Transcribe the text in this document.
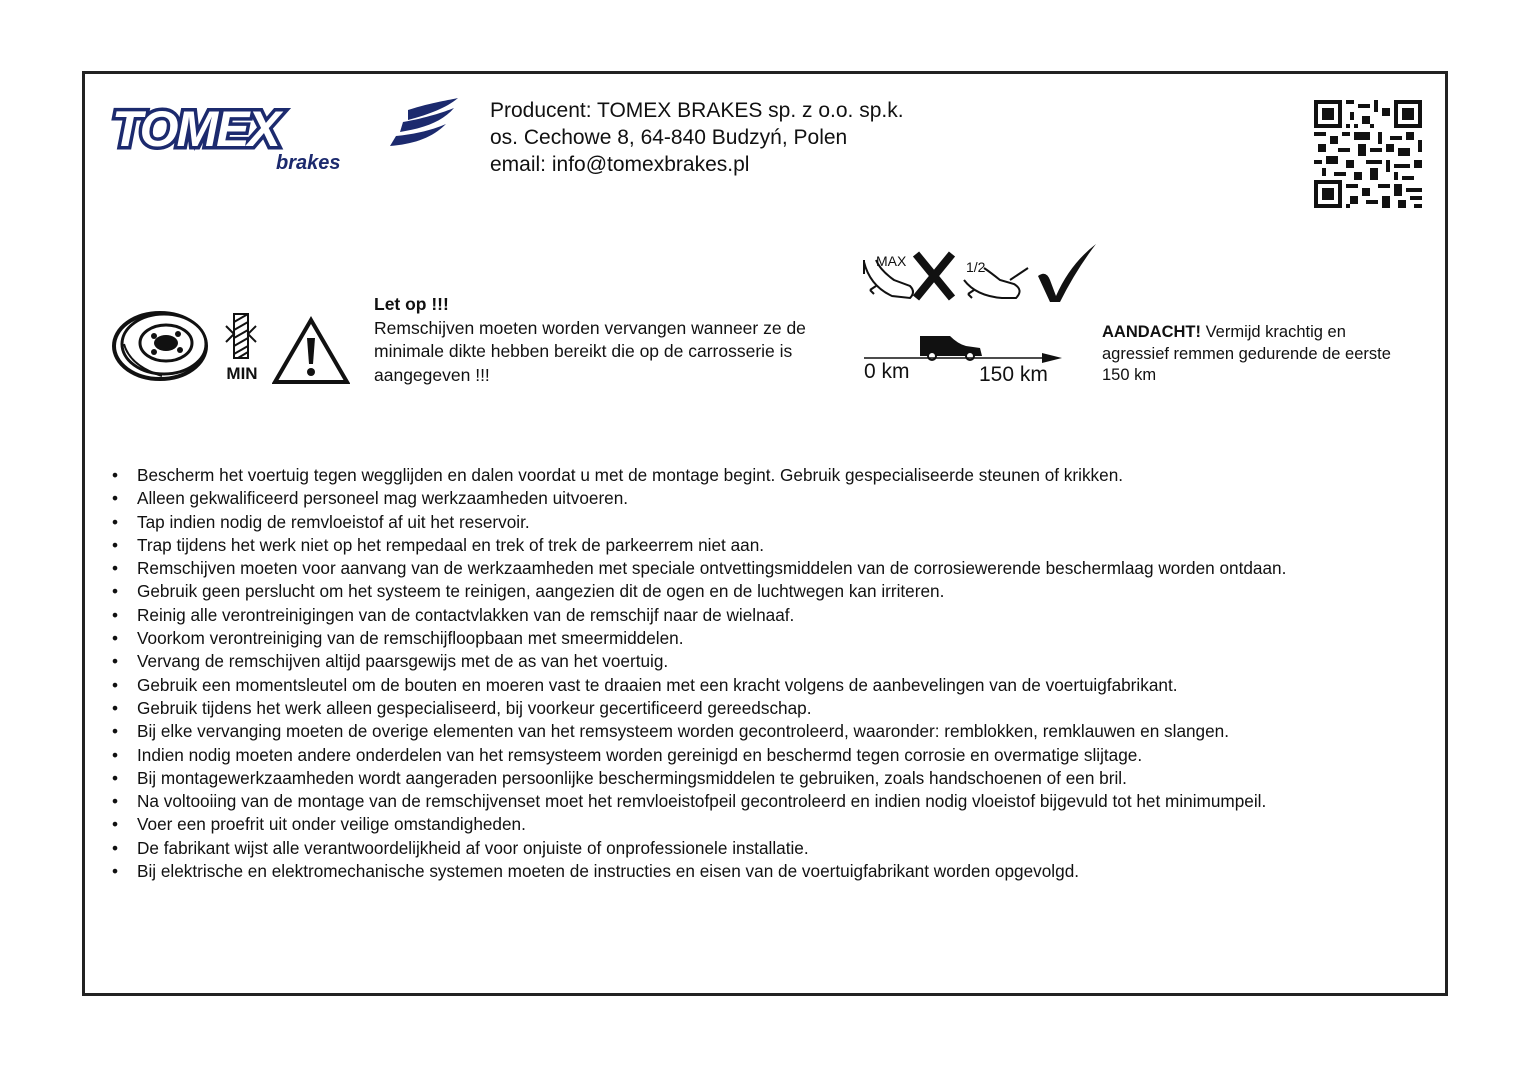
TOMEX
brakes
Producent: TOMEX BRAKES sp. z o.o. sp.k.
os. Cechowe 8, 64-840 Budzyń, Polen
email: info@tomexbrakes.pl
MIN
Let op !!!
Remschijven moeten worden vervangen wanneer ze de minimale dikte hebben bereikt die op de carrosserie is aangegeven !!!
MAX	1/2
0 km	150 km
AANDACHT! Vermijd krachtig en agressief remmen gedurende de eerste 150 km
• Bescherm het voertuig tegen wegglijden en dalen voordat u met de montage begint. Gebruik gespecialiseerde steunen of krikken.
• Alleen gekwalificeerd personeel mag werkzaamheden uitvoeren.
• Tap indien nodig de remvloeistof af uit het reservoir.
• Trap tijdens het werk niet op het rempedaal en trek of trek de parkeerrem niet aan.
• Remschijven moeten voor aanvang van de werkzaamheden met speciale ontvettingsmiddelen van de corrosiewerende beschermlaag worden ontdaan.
• Gebruik geen perslucht om het systeem te reinigen, aangezien dit de ogen en de luchtwegen kan irriteren.
• Reinig alle verontreinigingen van de contactvlakken van de remschijf naar de wielnaaf.
• Voorkom verontreiniging van de remschijfloopbaan met smeermiddelen.
• Vervang de remschijven altijd paarsgewijs met de as van het voertuig.
• Gebruik een momentsleutel om de bouten en moeren vast te draaien met een kracht volgens de aanbevelingen van de voertuigfabrikant.
• Gebruik tijdens het werk alleen gespecialiseerd, bij voorkeur gecertificeerd gereedschap.
• Bij elke vervanging moeten de overige elementen van het remsysteem worden gecontroleerd, waaronder: remblokken, remklauwen en slangen.
• Indien nodig moeten andere onderdelen van het remsysteem worden gereinigd en beschermd tegen corrosie en overmatige slijtage.
• Bij montagewerkzaamheden wordt aangeraden persoonlijke beschermingsmiddelen te gebruiken, zoals handschoenen of een bril.
• Na voltooiing van de montage van de remschijvenset moet het remvloeistofpeil gecontroleerd en indien nodig vloeistof bijgevuld tot het minimumpeil.
• Voer een proefrit uit onder veilige omstandigheden.
• De fabrikant wijst alle verantwoordelijkheid af voor onjuiste of onprofessionele installatie.
• Bij elektrische en elektromechanische systemen moeten de instructies en eisen van de voertuigfabrikant worden opgevolgd.
